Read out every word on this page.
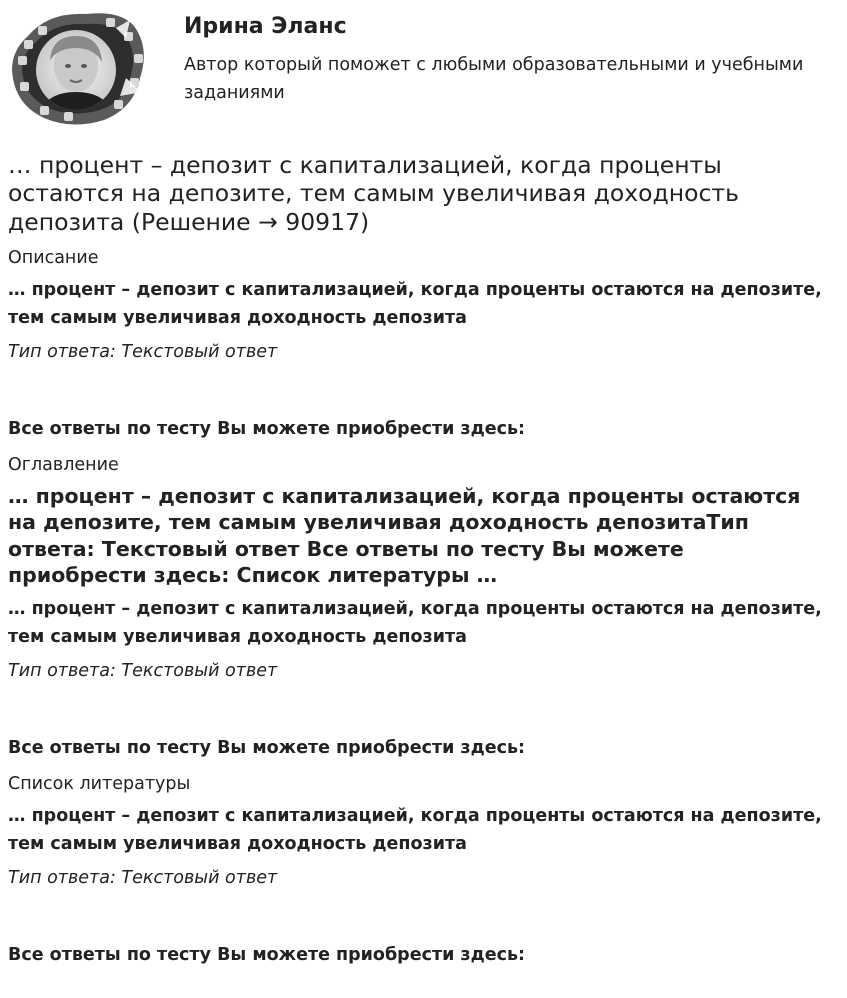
Ирина Эланс

Автор который поможет с любыми образовательными и учебными заданиями

… процент – депозит с капитализацией, когда проценты остаются на депозите, тем самым увеличивая доходность депозита (Решение → 90917)
Описание

… процент – депозит с капитализацией, когда проценты остаются на депозите, тем самым увеличивая доходность депозита

Тип ответа: Текстовый ответ

Все ответы по тесту Вы можете приобрести здесь:

Оглавление
… процент – депозит с капитализацией, когда проценты остаются на депозите, тем самым увеличивая доходность депозитаТип ответа: Текстовый ответ Все ответы по тесту Вы можете приобрести здесь: Список литературы …

… процент – депозит с капитализацией, когда проценты остаются на депозите, тем самым увеличивая доходность депозита

Тип ответа: Текстовый ответ

Все ответы по тесту Вы можете приобрести здесь:

Список литературы

… процент – депозит с капитализацией, когда проценты остаются на депозите, тем самым увеличивая доходность депозита

Тип ответа: Текстовый ответ

Все ответы по тесту Вы можете приобрести здесь:
